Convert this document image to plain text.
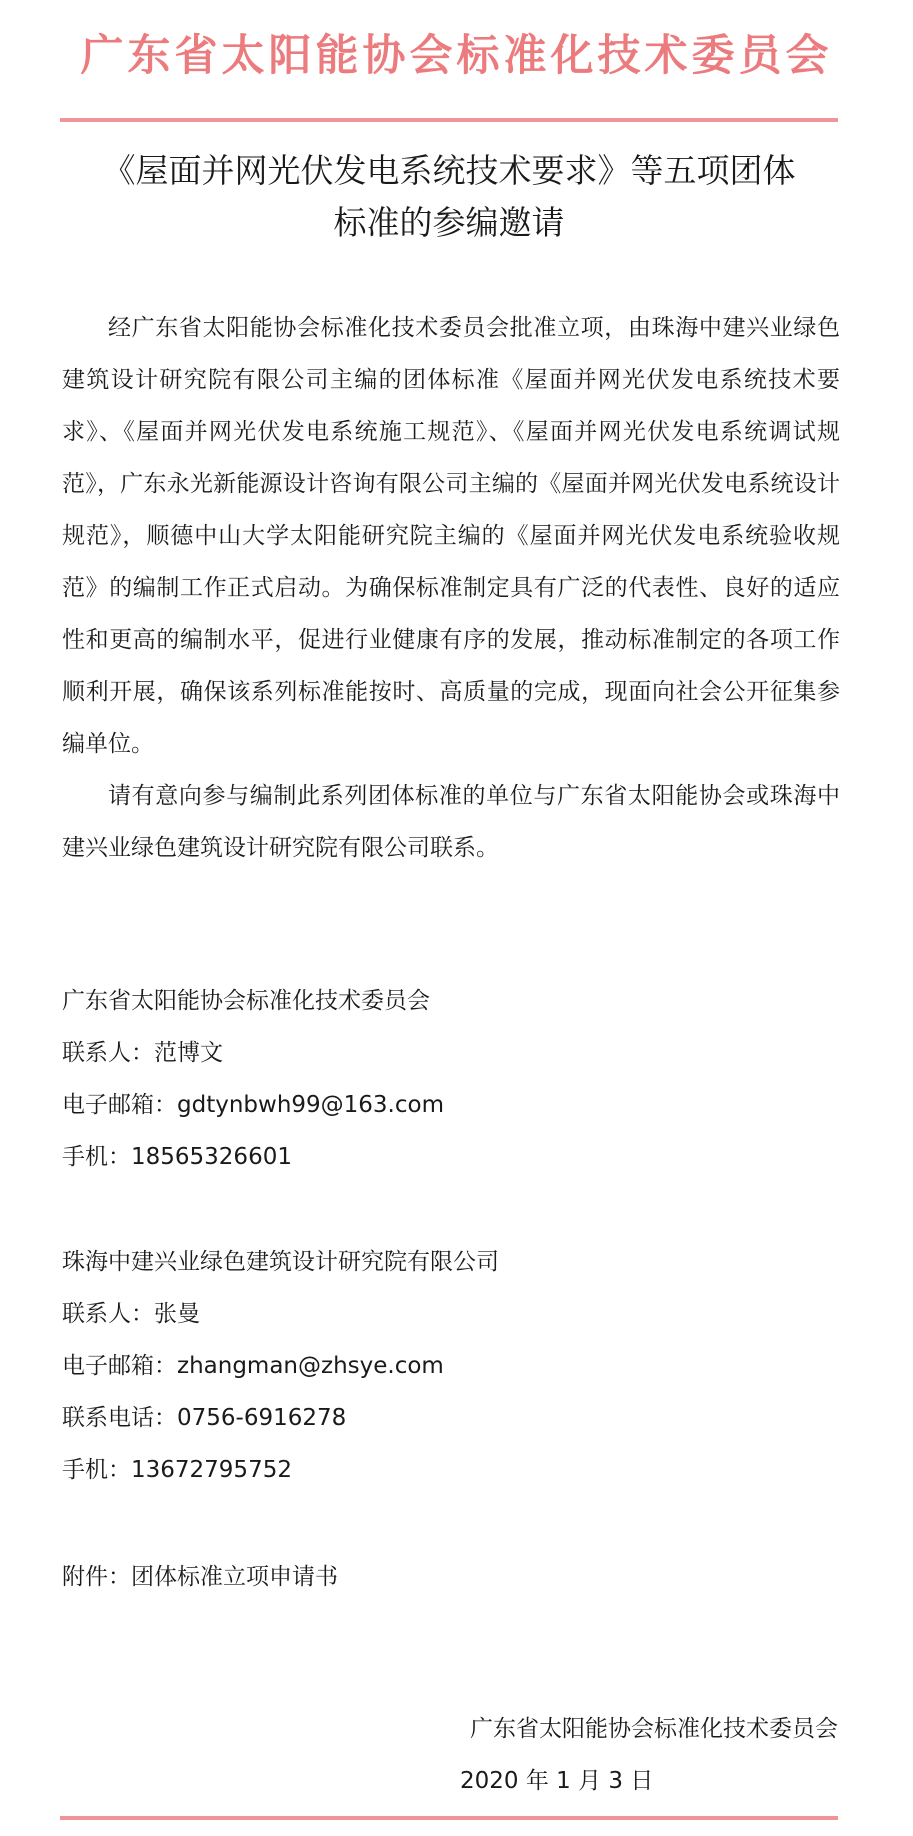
广东省太阳能协会标准化技术委员会
《屋面并网光伏发电系统技术要求》等五项团体
标准的参编邀请

经广东省太阳能协会标准化技术委员会批准立项，由珠海中建兴业绿色建筑设计研究院有限公司主编的团体标准《屋面并网光伏发电系统技术要求》、《屋面并网光伏发电系统施工规范》、《屋面并网光伏发电系统调试规范》，广东永光新能源设计咨询有限公司主编的《屋面并网光伏发电系统设计规范》，顺德中山大学太阳能研究院主编的《屋面并网光伏发电系统验收规范》的编制工作正式启动。为确保标准制定具有广泛的代表性、良好的适应性和更高的编制水平，促进行业健康有序的发展，推动标准制定的各项工作顺利开展，确保该系列标准能按时、高质量的完成，现面向社会公开征集参编单位。

请有意向参与编制此系列团体标准的单位与广东省太阳能协会或珠海中建兴业绿色建筑设计研究院有限公司联系。

广东省太阳能协会标准化技术委员会
联系人：范博文
电子邮箱：gdtynbwh99@163.com
手机：18565326601
珠海中建兴业绿色建筑设计研究院有限公司
联系人：张曼
电子邮箱：zhangman@zhsye.com
联系电话：0756-6916278
手机：13672795752
附件：团体标准立项申请书
广东省太阳能协会标准化技术委员会
2020 年 1 月 3 日
